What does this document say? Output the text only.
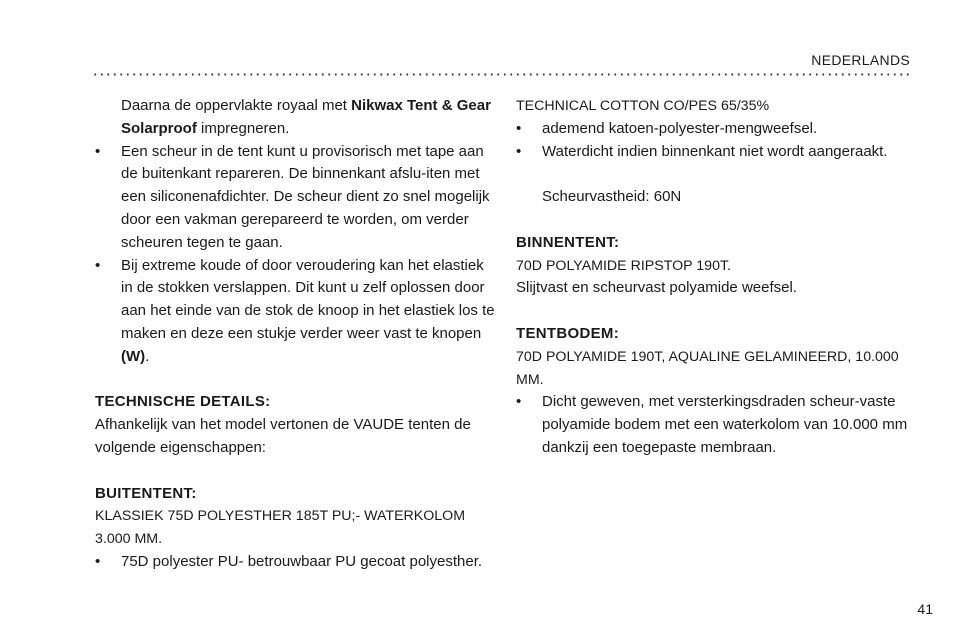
NEDERLANDS

Daarna de oppervlakte royaal met Nikwax Tent & Gear Solarproof impregneren.

• Een scheur in de tent kunt u provisorisch met tape aan de buitenkant repareren. De binnenkant afslu-iten met een siliconenafdichter. De scheur dient zo snel mogelijk door een vakman gerepareerd te worden, om verder scheuren tegen te gaan.
• Bij extreme koude of door veroudering kan het elastiek in de stokken verslappen. Dit kunt u zelf oplossen door aan het einde van de stok de knoop in het elastiek los te maken en deze een stukje verder weer vast te knopen (W).

TECHNISCHE DETAILS:

Afhankelijk van het model vertonen de VAUDE tenten de volgende eigenschappen:

BUITENTENT:

KLASSIEK 75D POLYESTHER 185T PU;- WATERKOLOM 3.000 MM.

• 75D polyester PU- betrouwbaar PU gecoat polyesther.

TECHNICAL COTTON CO/PES 65/35%

• ademend katoen-polyester-mengweefsel.
• Waterdicht indien binnenkant niet wordt aangeraakt.

Scheurvastheid: 60N

BINNENTENT:

70D POLYAMIDE RIPSTOP 190T.

Slijtvast en scheurvast polyamide weefsel.

TENTBODEM:

70D POLYAMIDE 190T, AQUALINE GELAMINEERD, 10.000 MM.

• Dicht geweven, met versterkingsdraden scheur-vaste polyamide bodem met een waterkolom van 10.000 mm dankzij een toegepaste membraan.
41
